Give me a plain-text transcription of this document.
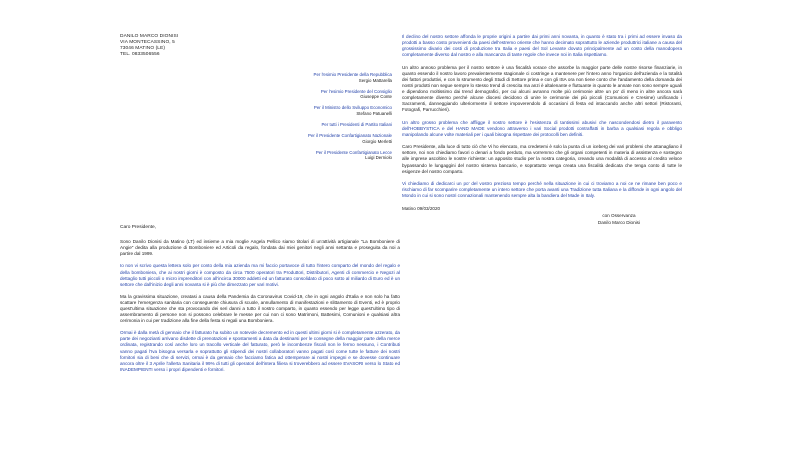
DANILO MARCO DIONISI
VIA MONTECASSINO, 5
73046 MATINO (LE)
TEL. 0833506556
Per l'esimio Presidente della Repubblica
Sergio Mattarella
Per l'esimio Presidente del Consiglio
Giuseppe Conte
Per il Ministro dello Sviluppo Economico
Stefano Patuanelli
Per tutti i Presidenti di Partito Italiani
Per il Presidente Confartigianato Nazionale
Giorgio Merletti
Per il Presidente Confartigianato Lecce
Luigi Derniolo
Caro Presidente,

Sono Danilo Dionisi da Matino (LT) ed insieme a mia moglie Angela Pellico siamo titolari di un'attività artigianale "La Bomboniere di Angie" dedita alla produzione di Bomboniere ed Articoli da regalo, fondata dai miei genitori negli anni settanta e proseguita da noi a partire dal 1999.

Io non vi scrivo questa lettera solo per conto della mia azienda ma mi faccio portavoce di tutto l'intero comparto del mondo del regalo e della bomboniera, che ai nostri giorni è composto da circa 7500 operatori tra Produttori, Distributori, Agenti di commercio e Negozi al dettaglio tutti piccoli o micro imprenditori con all'incirca 30000 addetti ed un fatturato consolidato di poco sotto al miliardo di Euro ed è un settore che dall'inizio degli anni novanta si è più che dimezzato per vari motivi.

Ma la gravissima situazione, creatasi a causa della Pandemia da Coronavirus Covid-19, che in ogni angolo d'Italia e non solo ha fatto scattare l'emergenza sanitaria con conseguente chiusura di scuole, annullamento di manifestazioni e slittamento di Eventi, ed è proprio quest'ultima situazione che sta provocando dei seri danni a tutto il nostro comparto, in quanto essendo per legge quest'ultimo tipo di assembramento di persone non si possono celebrare le messe per cui non ci sono Matrimoni, Battesimi, Comunioni e qualsiasi altra cerimonia in cui per tradizione alla fine della festa si regali una Bomboniera.

Ormai è dalla metà di gennaio che il fatturato ha subito un notevole decremento ed in questi ultimi giorni si è completamente azzerato, da parte dei negozianti arrivano disdette di prenotazioni e spostamenti a data da destinarsi per le consegne della maggior parte della merce ordinata, registrando così anche loro un tracollo verticale del fatturato, però le incombenze fiscali non le fermo nessuno, i Contributi vanno pagati l'Iva bisogna versarla e soprattutto gli stipendi dei nostri collaboratori vanno pagati così come tutte le fatture dei nostri fornitori sia di beni che di servizi, ormai è da gennaio che facciamo fatica ad ottemperare ai nostri impegni e se dovesse continuare ancora oltre il 3 Aprile l'allerta Sanitaria il 99% di tutti gli operatori dell'intera filiera si troverebbero ad essere EVASORI verso lo Stato ed INADEMPIENTI verso i propri dipendenti e fornitori.

Il declino del nostro settore affonda le proprie origini a partire dai primi anni novanta, in quanto è stato tra i primi ad essere invaso da prodotti a basso costo provenienti da paesi dell'estremo oriente che hanno decimato soprattutto le aziende produttrici italiane a causa del grossissimo divario dei costi di produzione tra Italia e paesi del Sol Levante dovuto principalmente ad un costo della manodopera completamente diverso dal nostro e alla mancanza di tante regole che invece noi in Italia rispettiamo.

Un altro annoso problema per il nostro settore è una fiscalità vorace che assorbe la maggior parte delle nostre risorse finanziarie, in quanto essendo il nostro lavoro prevalentemente stagionale ci costringe a mantenere per l'intero anno l'organico dell'azienda e la totalità dei fattori produttivi, e con lo strumento degli Studi di Settore prima e con gli ISA ora non tiene conto che l'andamento della domanda dei nostri prodotti non segue sempre lo stesso trend di crescita ma anzi è altalenante e fluttuante in quanto le annate non sono sempre uguali e dipendono moltissimo dai trend demografici, per cui alcuni avranno molte più cerimonie altre un po' di meno in altre ancora sarà completamente diverso perché alcune diocesi decidono di unire le cerimonie dei più piccoli (Comunioni e Cresime) unificando i Sacramenti, danneggiando ulteriormente il settore impoverendolo di occasioni di festa ed intaccando anche altri settori (Ristoranti, Fotografi, Parrucchieri).

Un altro grosso problema che affligge il nostro settore è l'esistenza di tantissimi abusivi che nascondendosi dietro il paravento dell'HOBBYSTICA e del HAND MADE vendono attraverso i vari Social prodotti contraffatti in barba a qualsiasi regola e obbligo manipolando alcune volte materiali per i quali bisogna rispettare dei protocolli ben definiti.

Caro Presidente, alla luce di tutto ciò che Vi ho elencato, ma credetemi è solo la punta di un iceberg dei vari problemi che attanagliano il settore, noi non chiediamo favori o denari a fondo perduto, ma vorremmo che gli organi competenti in materia di assistenza e sostegno alle imprese ascoltino le nostre richieste: un apposito studio per la nostra categoria, creando una modalità di accesso al credito veloce bypassando le lungaggini del nostro sistema bancario, e soprattutto venga creata una fiscalità dedicata che tenga conto di tutte le esigenze del nostro comparto.

Vi chiediamo di dedicarci un po' del vostro prezioso tempo perché nella situazione in cui ci troviamo a noi ce ne rimane ben poco e rischiamo di far scomparire completamente un intero settore che porta avanti una Tradizione tutta Italiana e la diffonde in ogni angolo del Mondo in cui si sono nostri connazionali mantenendo sempre alta la bandiera del Made in Italy.

Matino 09/03/2020
con Osservanza
Danilo Marco Dionisi
